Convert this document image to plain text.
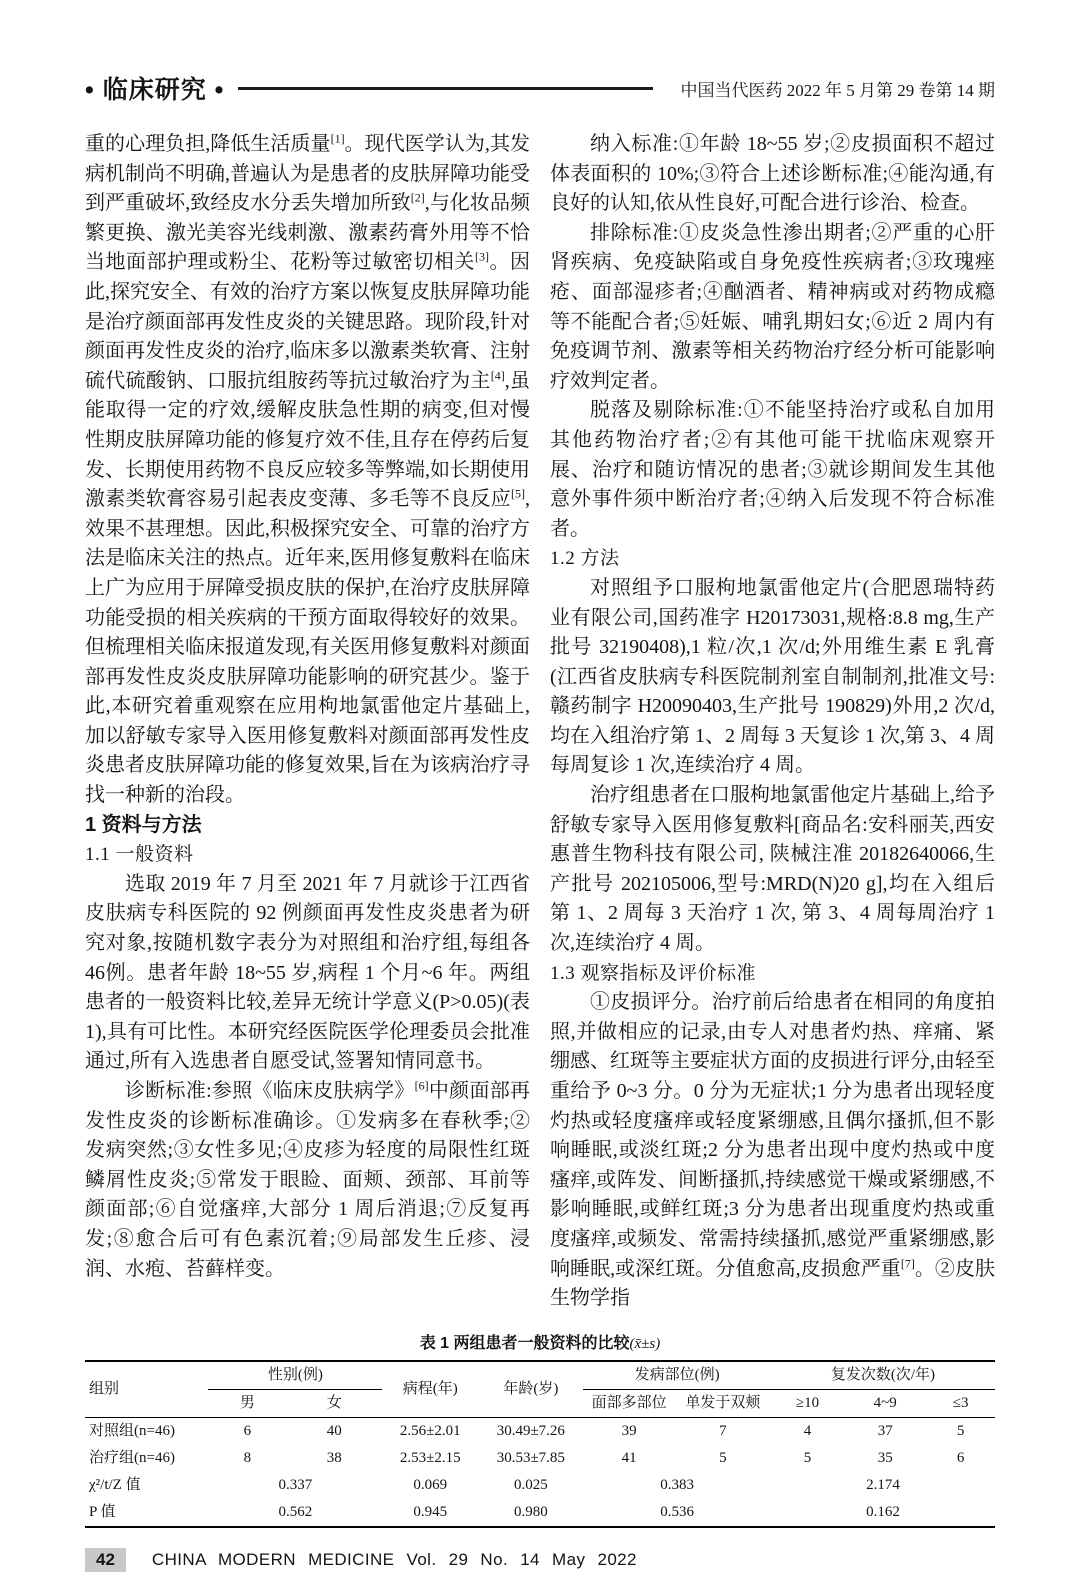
• 临床研究 •	中国当代医药 2022 年 5 月第 29 卷第 14 期

重的心理负担,降低生活质量[1]。现代医学认为,其发病机制尚不明确,普遍认为是患者的皮肤屏障功能受到严重破坏,致经皮水分丢失增加所致[2],与化妆品频繁更换、激光美容光线刺激、激素药膏外用等不恰当地面部护理或粉尘、花粉等过敏密切相关[3]。因此,探究安全、有效的治疗方案以恢复皮肤屏障功能是治疗颜面部再发性皮炎的关键思路。现阶段,针对颜面再发性皮炎的治疗,临床多以激素类软膏、注射硫代硫酸钠、口服抗组胺药等抗过敏治疗为主[4],虽能取得一定的疗效,缓解皮肤急性期的病变,但对慢性期皮肤屏障功能的修复疗效不佳,且存在停药后复发、长期使用药物不良反应较多等弊端,如长期使用激素类软膏容易引起表皮变薄、多毛等不良反应[5],效果不甚理想。因此,积极探究安全、可靠的治疗方法是临床关注的热点。近年来,医用修复敷料在临床上广为应用于屏障受损皮肤的保护,在治疗皮肤屏障功能受损的相关疾病的干预方面取得较好的效果。但梳理相关临床报道发现,有关医用修复敷料对颜面部再发性皮炎皮肤屏障功能影响的研究甚少。鉴于此,本研究着重观察在应用枸地氯雷他定片基础上,加以舒敏专家导入医用修复敷料对颜面部再发性皮炎患者皮肤屏障功能的修复效果,旨在为该病治疗寻找一种新的治段。

1 资料与方法

1.1 一般资料

选取 2019 年 7 月至 2021 年 7 月就诊于江西省皮肤病专科医院的 92 例颜面再发性皮炎患者为研究对象,按随机数字表分为对照组和治疗组,每组各46例。患者年龄 18~55 岁,病程 1 个月~6 年。两组患者的一般资料比较,差异无统计学意义(P>0.05)(表 1),具有可比性。本研究经医院医学伦理委员会批准通过,所有入选患者自愿受试,签署知情同意书。

诊断标准:参照《临床皮肤病学》[6]中颜面部再发性皮炎的诊断标准确诊。①发病多在春秋季;②发病突然;③女性多见;④皮疹为轻度的局限性红斑鳞屑性皮炎;⑤常发于眼睑、面颊、颈部、耳前等颜面部;⑥自觉瘙痒,大部分 1 周后消退;⑦反复再发;⑧愈合后可有色素沉着;⑨局部发生丘疹、浸润、水疱、苔藓样变。

纳入标准:①年龄 18~55 岁;②皮损面积不超过体表面积的 10%;③符合上述诊断标准;④能沟通,有良好的认知,依从性良好,可配合进行诊治、检查。

排除标准:①皮炎急性渗出期者;②严重的心肝肾疾病、免疫缺陷或自身免疫性疾病者;③玫瑰痤疮、面部湿疹者;④酗酒者、精神病或对药物成瘾等不能配合者;⑤妊娠、哺乳期妇女;⑥近 2 周内有免疫调节剂、激素等相关药物治疗经分析可能影响疗效判定者。

脱落及剔除标准:①不能坚持治疗或私自加用其他药物治疗者;②有其他可能干扰临床观察开展、治疗和随访情况的患者;③就诊期间发生其他意外事件须中断治疗者;④纳入后发现不符合标准者。

1.2 方法

对照组予口服枸地氯雷他定片(合肥恩瑞特药业有限公司,国药准字 H20173031,规格:8.8 mg,生产批号 32190408),1 粒/次,1 次/d;外用维生素 E 乳膏(江西省皮肤病专科医院制剂室自制制剂,批准文号:赣药制字 H20090403,生产批号 190829)外用,2 次/d,均在入组治疗第 1、2 周每 3 天复诊 1 次,第 3、4 周每周复诊 1 次,连续治疗 4 周。

治疗组患者在口服枸地氯雷他定片基础上,给予舒敏专家导入医用修复敷料[商品名:安科丽芙,西安惠普生物科技有限公司, 陕械注准 20182640066,生产批号 202105006,型号:MRD(N)20 g],均在入组后第 1、2 周每 3 天治疗 1 次, 第 3、4 周每周治疗 1 次,连续治疗 4 周。

1.3 观察指标及评价标准

①皮损评分。治疗前后给患者在相同的角度拍照,并做相应的记录,由专人对患者灼热、痒痛、紧绷感、红斑等主要症状方面的皮损进行评分,由轻至重给予 0~3 分。0 分为无症状;1 分为患者出现轻度灼热或轻度瘙痒或轻度紧绷感,且偶尔搔抓,但不影响睡眠,或淡红斑;2 分为患者出现中度灼热或中度瘙痒,或阵发、间断搔抓,持续感觉干燥或紧绷感,不影响睡眠,或鲜红斑;3 分为患者出现重度灼热或重度瘙痒,或频发、常需持续搔抓,感觉严重紧绷感,影响睡眠,或深红斑。分值愈高,皮损愈严重[7]。②皮肤生物学指

表 1 两组患者一般资料的比较(x̄±s)
组别	性别(例)		病程(年)	年龄(岁)	发病部位(例)		复发次数(次/年)		
	男	女			面部多部位	单发于双颊	≥10	4~9	≤3
对照组(n=46)	6	40	2.56±2.01	30.49±7.26	39	7	4	37	5
治疗组(n=46)	8	38	2.53±2.15	30.53±7.85	41	5	5	35	6
χ²/t/Z 值	0.337		0.069	0.025	0.383		2.174		
P 值	0.562		0.945	0.980	0.536		0.162		
42	CHINA MODERN MEDICINE Vol. 29 No. 14 May 2022
